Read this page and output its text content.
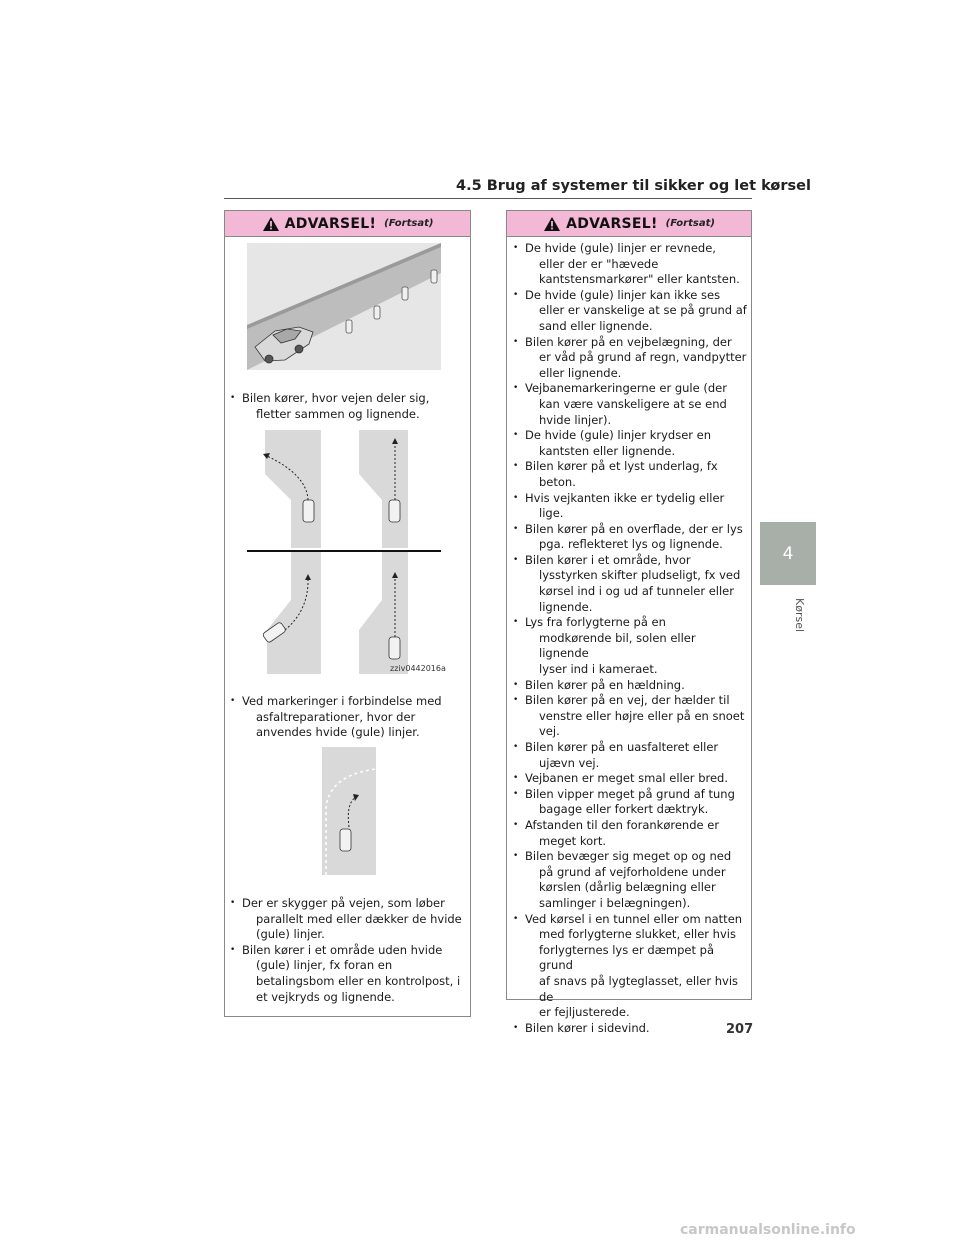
4.5 Brug af systemer til sikker og let kørsel
ADVARSEL! (Fortsat)
• Bilen kører, hvor vejen deler sig,
fletter sammen og lignende.
zziv0442016a
• Ved markeringer i forbindelse med
asfaltreparationer, hvor der
anvendes hvide (gule) linjer.
• Der er skygger på vejen, som løber
parallelt med eller dækker de hvide
(gule) linjer.
• Bilen kører i et område uden hvide
(gule) linjer, fx foran en
betalingsbom eller en kontrolpost, i
et vejkryds og lignende.
ADVARSEL! (Fortsat)
• De hvide (gule) linjer er revnede,
eller der er "hævede
kantstensmarkører" eller kantsten.
• De hvide (gule) linjer kan ikke ses
eller er vanskelige at se på grund af
sand eller lignende.
• Bilen kører på en vejbelægning, der
er våd på grund af regn, vandpytter
eller lignende.
• Vejbanemarkeringerne er gule (der
kan være vanskeligere at se end
hvide linjer).
• De hvide (gule) linjer krydser en
kantsten eller lignende.
• Bilen kører på et lyst underlag, fx
beton.
• Hvis vejkanten ikke er tydelig eller
lige.
• Bilen kører på en overflade, der er lys
pga. reflekteret lys og lignende.
• Bilen kører i et område, hvor
lysstyrken skifter pludseligt, fx ved
kørsel ind i og ud af tunneler eller
lignende.
• Lys fra forlygterne på en
modkørende bil, solen eller lignende
lyser ind i kameraet.
• Bilen kører på en hældning.
• Bilen kører på en vej, der hælder til
venstre eller højre eller på en snoet
vej.
• Bilen kører på en uasfalteret eller
ujævn vej.
• Vejbanen er meget smal eller bred.
• Bilen vipper meget på grund af tung
bagage eller forkert dæktryk.
• Afstanden til den forankørende er
meget kort.
• Bilen bevæger sig meget op og ned
på grund af vejforholdene under
kørslen (dårlig belægning eller
samlinger i belægningen).
• Ved kørsel i en tunnel eller om natten
med forlygterne slukket, eller hvis
forlygternes lys er dæmpet på grund
af snavs på lygteglasset, eller hvis de
er fejljusterede.
• Bilen kører i sidevind.
4
Kørsel
207
carmanualsonline.info
